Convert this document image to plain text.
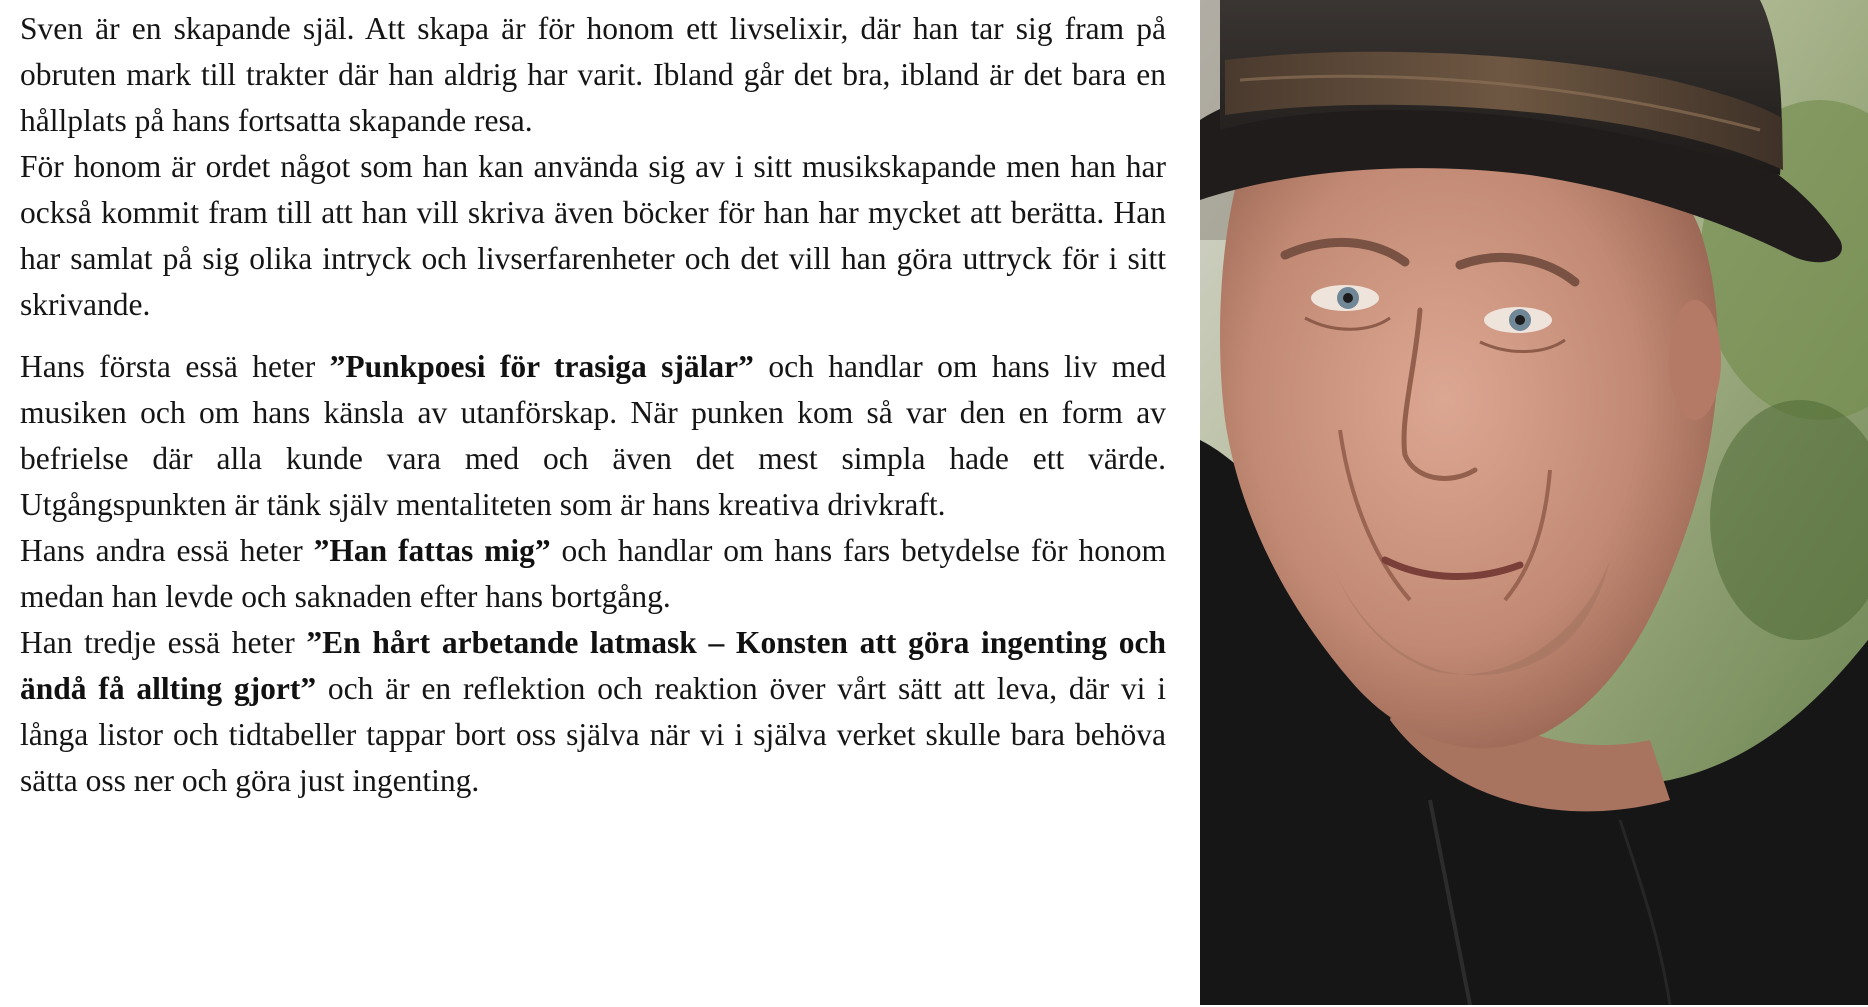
Sven är en skapande själ. Att skapa är för honom ett livselixir, där han tar sig fram på obruten mark till trakter där han aldrig har varit. Ibland går det bra, ibland är det bara en hållplats på hans fortsatta skapande resa.

För honom är ordet något som han kan använda sig av i sitt musikskapande men han har också kommit fram till att han vill skriva även böcker för han har mycket att berätta. Han har samlat på sig olika intryck och livserfarenheter och det vill han göra uttryck för i sitt skrivande.

Hans första essä heter ”Punkpoesi för trasiga själar” och handlar om hans liv med musiken och om hans känsla av utanförskap. När punken kom så var den en form av befrielse där alla kunde vara med och även det mest simpla hade ett värde. Utgångspunkten är tänk själv mentaliteten som är hans kreativa drivkraft.

Hans andra essä heter ”Han fattas mig” och handlar om hans fars betydelse för honom medan han levde och saknaden efter hans bortgång.

Han tredje essä heter ”En hårt arbetande latmask – Konsten att göra ingenting och ändå få allting gjort” och är en reflektion och reaktion över vårt sätt att leva, där vi i långa listor och tidtabeller tappar bort oss själva när vi i själva verket skulle bara behöva sätta oss ner och göra just ingenting.
